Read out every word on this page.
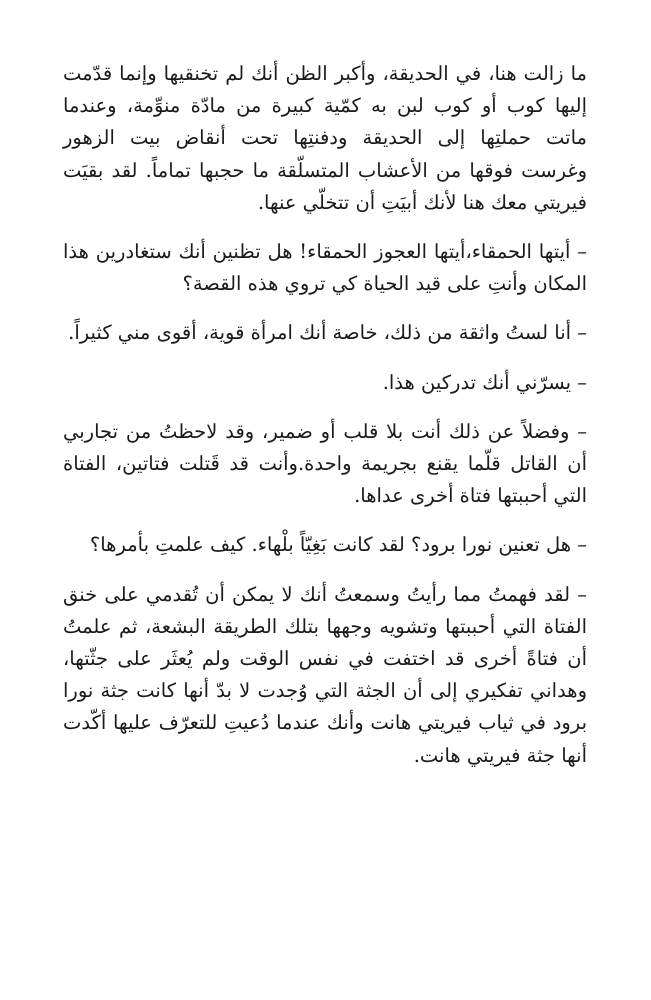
ما زالت هنا، في الحديقة، وأكبر الظن أنك لم تخنقيها وإنما قدّمت إليها كوب أو كوب لبن به كمّية كبيرة من مادّة منوِّمة، وعندما ماتت حملتِها إلى الحديقة ودفنتِها تحت أنقاض بيت الزهور وغرست فوقها من الأعشاب المتسلّقة ما حجبها تماماً. لقد بقيَت فيريتي معك هنا لأنك أبيَتِ أن تتخلّي عنها.

– أيتها الحمقاء،أيتها العجوز الحمقاء! هل تظنين أنك ستغادرين هذا المكان وأنتِ على قيد الحياة كي تروي هذه القصة؟

– أنا لستُ واثقة من ذلك، خاصة أنك امرأة قوية، أقوى مني كثيراً.

– يسرّني أنك تدركين هذا.

– وفضلاً عن ذلك أنت بلا قلب أو ضمير، وقد لاحظتُ من تجاربي أن القاتل قلّما يقنع بجريمة واحدة.وأنت قد قَتلت فتاتين، الفتاة التي أحببتها فتاة أخرى عداها.

– هل تعنين نورا برود؟ لقد كانت بَغِيّاً بلْهاء. كيف علمتِ بأمرها؟

– لقد فهمتُ مما رأيتُ وسمعتُ أنك لا يمكن أن تُقدمي على خنق الفتاة التي أحببتها وتشويه وجهها بتلك الطريقة البشعة، ثم علمتُ أن فتاةً أخرى قد اختفت في نفس الوقت ولم يُعثَر على جثّتها، وهداني تفكيري إلى أن الجثة التي وُجدت لا بدّ أنها كانت جثة نورا برود في ثياب فيريتي هانت وأنك عندما دُعيتِ للتعرّف عليها أكّدت أنها جثة فيريتي هانت.
